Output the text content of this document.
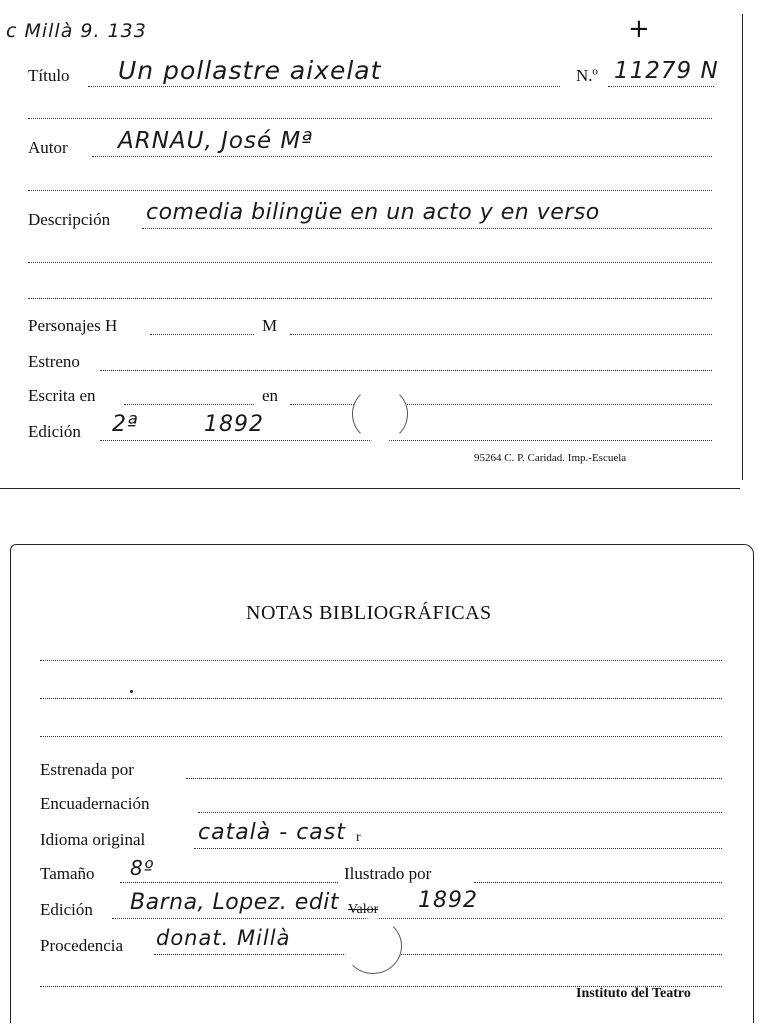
c Millà 9. 133	+
Título Un pollastre aixelat	N.º 11279 N
Autor ARNAU, José Mª
Descripción comedia bilingüe en un acto y en verso
Personajes H	M
Estreno
Escrita en	en
Edición 2ª	1892
95264 C. P. Caridad. Imp.-Escuela
NOTAS BIBLIOGRÁFICAS
Estrenada por
Encuadernación
Idioma original català - cast r
Tamaño 8º	Ilustrado por
Edición Barna, Lopez. edit Valor 1892
Procedencia donat. Millà
Instituto del Teatro
